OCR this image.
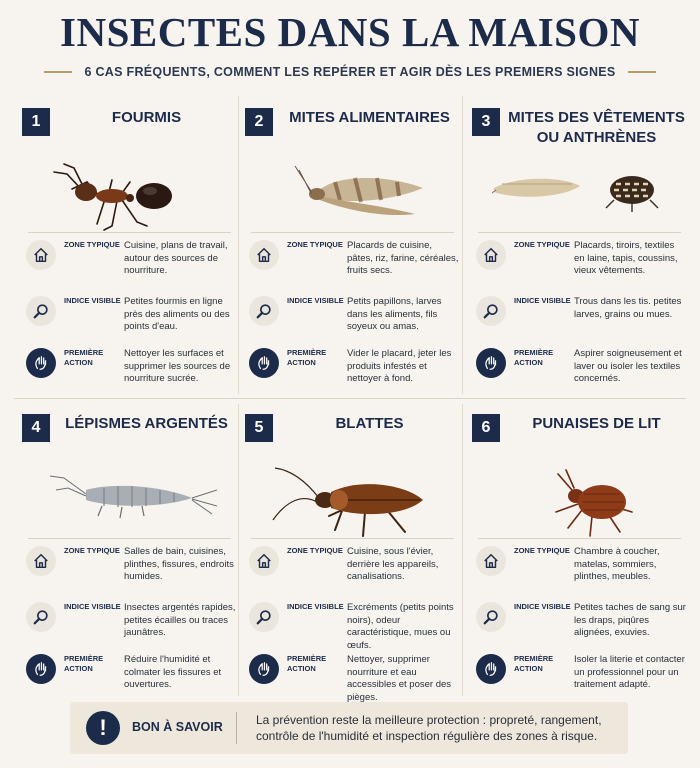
INSECTES DANS LA MAISON
6 CAS FRÉQUENTS, COMMENT LES REPÉRER ET AGIR DÈS LES PREMIERS SIGNES
1	FOURMIS
ZONE TYPIQUE Cuisine, plans de travail, autour des sources de nourriture.
INDICE VISIBLE Petites fourmis en ligne près des aliments ou des points d'eau.
PREMIÈRE ACTION
Nettoyer les surfaces et supprimer les sources de nourriture sucrée.
2	MITES ALIMENTAIRES
ZONE TYPIQUE Placards de cuisine, pâtes, riz, farine, céréales, fruits secs.
INDICE VISIBLE Petits papillons, larves dans les aliments, fils soyeux ou amas.
PREMIÈRE ACTION
Vider le placard, jeter les produits infestés et nettoyer à fond.
3	MITES DES VÊTEMENTS OU ANTHRÈNES
ZONE TYPIQUE Placards, tiroirs, textiles en laine, tapis, coussins, vieux vêtements.
INDICE VISIBLE Trous dans les tis. petites larves, grains ou mues.
PREMIÈRE ACTION
Aspirer soigneusement et laver ou isoler les textiles concernés.
4	LÉPISMES ARGENTÉS
ZONE TYPIQUE Salles de bain, cuisines, plinthes, fissures, endroits humides.
INDICE VISIBLE Insectes argentés rapides, petites écailles ou traces jaunâtres.
PREMIÈRE ACTION
Réduire l'humidité et colmater les fissures et ouvertures.
5	BLATTES
ZONE TYPIQUE Cuisine, sous l'évier, derrière les appareils, canalisations.
INDICE VISIBLE Excréments (petits points noirs), odeur caractéristique, mues ou œufs.
PREMIÈRE ACTION
Nettoyer, supprimer nourriture et eau accessibles et poser des pièges.
6	PUNAISES DE LIT
ZONE TYPIQUE Chambre à coucher, matelas, sommiers, plinthes, meubles.
INDICE VISIBLE Petites taches de sang sur les draps, piqûres alignées, exuvies.
PREMIÈRE ACTION
Isoler la literie et contacter un professionnel pour un traitement adapté.
!	BON À SAVOIR	La prévention reste la meilleure protection : propreté, rangement, contrôle de l'humidité et inspection régulière des zones à risque.
